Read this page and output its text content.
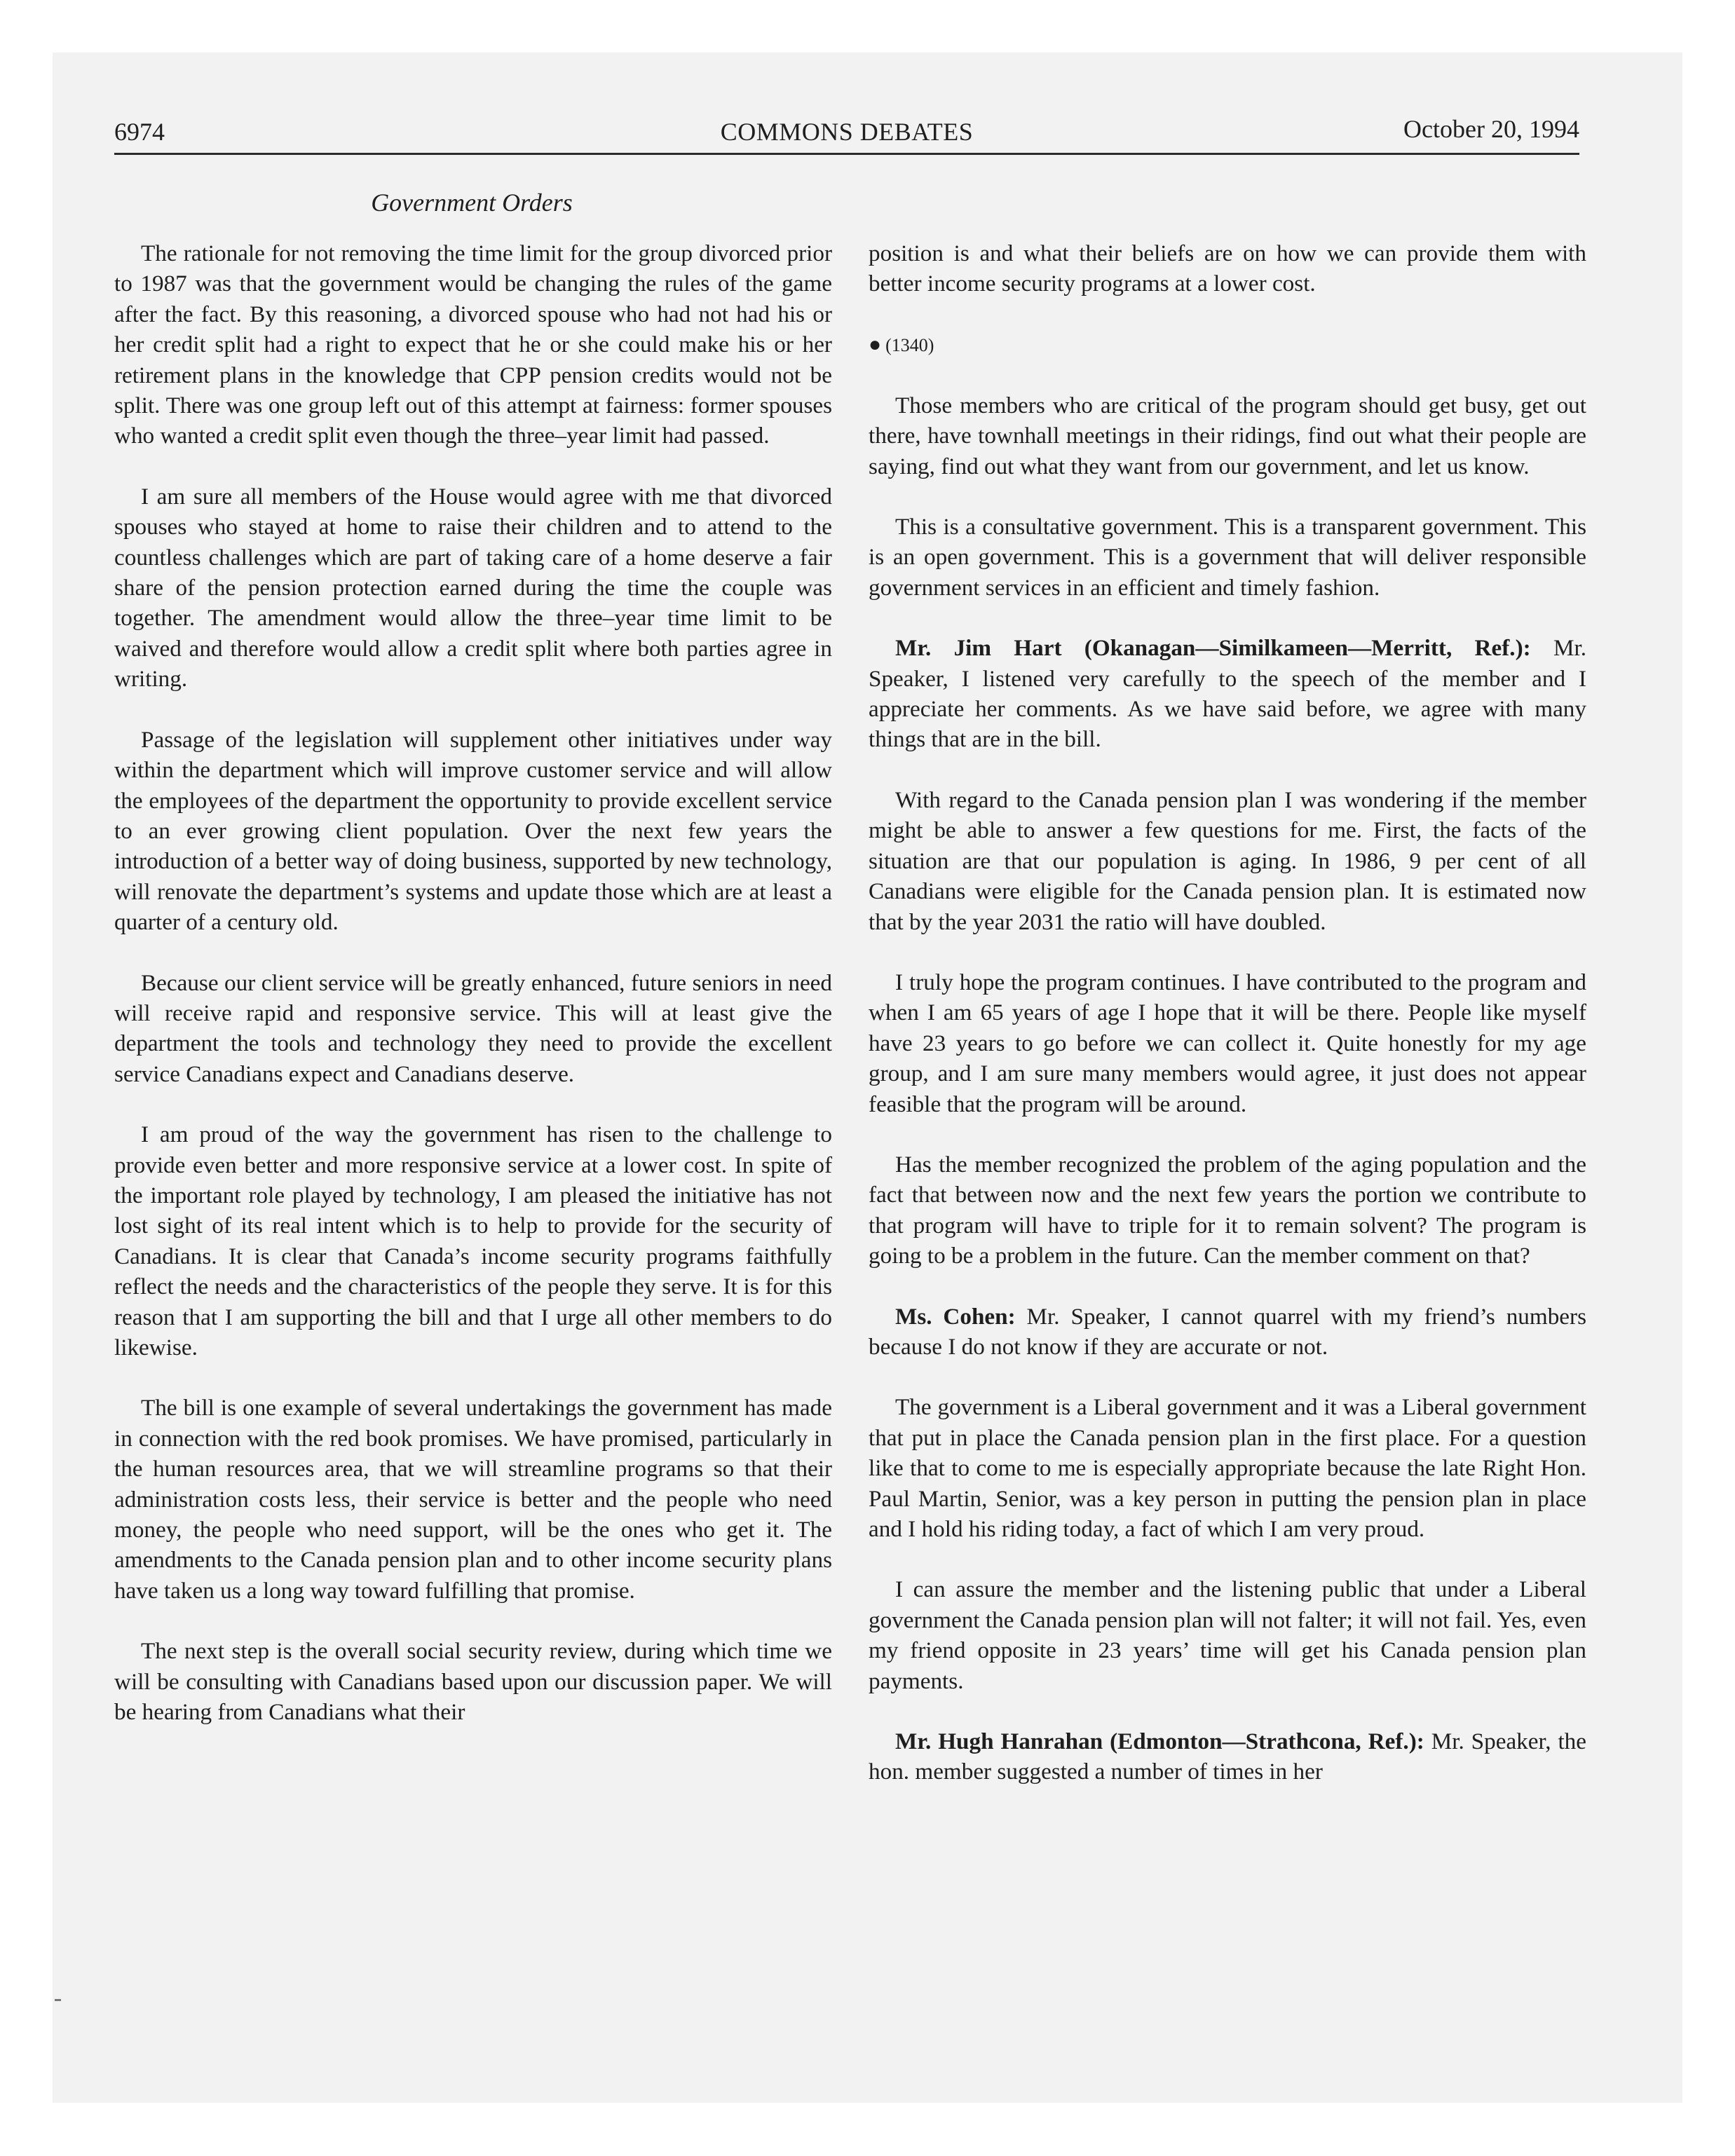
6974	COMMONS DEBATES	October 20, 1994
Government Orders

The rationale for not removing the time limit for the group divorced prior to 1987 was that the government would be changing the rules of the game after the fact. By this reasoning, a divorced spouse who had not had his or her credit split had a right to expect that he or she could make his or her retirement plans in the knowledge that CPP pension credits would not be split. There was one group left out of this attempt at fairness: former spouses who wanted a credit split even though the three–year limit had passed.

I am sure all members of the House would agree with me that divorced spouses who stayed at home to raise their children and to attend to the countless challenges which are part of taking care of a home deserve a fair share of the pension protection earned during the time the couple was together. The amendment would allow the three–year time limit to be waived and therefore would allow a credit split where both parties agree in writing.

Passage of the legislation will supplement other initiatives under way within the department which will improve customer service and will allow the employees of the department the opportunity to provide excellent service to an ever growing client population. Over the next few years the introduction of a better way of doing business, supported by new technology, will renovate the department’s systems and update those which are at least a quarter of a century old.

Because our client service will be greatly enhanced, future seniors in need will receive rapid and responsive service. This will at least give the department the tools and technology they need to provide the excellent service Canadians expect and Canadians deserve.

I am proud of the way the government has risen to the challenge to provide even better and more responsive service at a lower cost. In spite of the important role played by technology, I am pleased the initiative has not lost sight of its real intent which is to help to provide for the security of Canadians. It is clear that Canada’s income security programs faithfully reflect the needs and the characteristics of the people they serve. It is for this reason that I am supporting the bill and that I urge all other members to do likewise.

The bill is one example of several undertakings the government has made in connection with the red book promises. We have promised, particularly in the human resources area, that we will streamline programs so that their administration costs less, their service is better and the people who need money, the people who need support, will be the ones who get it. The amendments to the Canada pension plan and to other income security plans have taken us a long way toward fulfilling that promise.

The next step is the overall social security review, during which time we will be consulting with Canadians based upon our discussion paper. We will be hearing from Canadians what their

position is and what their beliefs are on how we can provide them with better income security programs at a lower cost.

● (1340)

Those members who are critical of the program should get busy, get out there, have townhall meetings in their ridings, find out what their people are saying, find out what they want from our government, and let us know.

This is a consultative government. This is a transparent government. This is an open government. This is a government that will deliver responsible government services in an efficient and timely fashion.

Mr. Jim Hart (Okanagan—Similkameen—Merritt, Ref.): Mr. Speaker, I listened very carefully to the speech of the member and I appreciate her comments. As we have said before, we agree with many things that are in the bill.

With regard to the Canada pension plan I was wondering if the member might be able to answer a few questions for me. First, the facts of the situation are that our population is aging. In 1986, 9 per cent of all Canadians were eligible for the Canada pension plan. It is estimated now that by the year 2031 the ratio will have doubled.

I truly hope the program continues. I have contributed to the program and when I am 65 years of age I hope that it will be there. People like myself have 23 years to go before we can collect it. Quite honestly for my age group, and I am sure many members would agree, it just does not appear feasible that the program will be around.

Has the member recognized the problem of the aging population and the fact that between now and the next few years the portion we contribute to that program will have to triple for it to remain solvent? The program is going to be a problem in the future. Can the member comment on that?

Ms. Cohen: Mr. Speaker, I cannot quarrel with my friend’s numbers because I do not know if they are accurate or not.

The government is a Liberal government and it was a Liberal government that put in place the Canada pension plan in the first place. For a question like that to come to me is especially appropriate because the late Right Hon. Paul Martin, Senior, was a key person in putting the pension plan in place and I hold his riding today, a fact of which I am very proud.

I can assure the member and the listening public that under a Liberal government the Canada pension plan will not falter; it will not fail. Yes, even my friend opposite in 23 years’ time will get his Canada pension plan payments.

Mr. Hugh Hanrahan (Edmonton—Strathcona, Ref.): Mr. Speaker, the hon. member suggested a number of times in her
